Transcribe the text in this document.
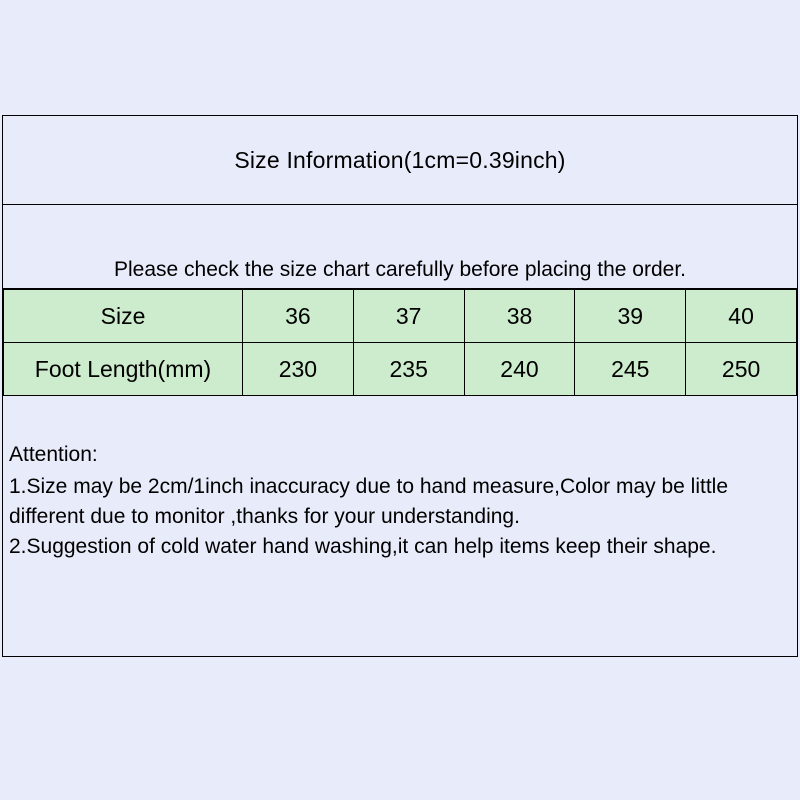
Size Information(1cm=0.39inch)
Please check the size chart carefully before placing the order.
Size	36	37	38	39	40
Foot Length(mm)	230	235	240	245	250
Attention:
1.Size may be 2cm/1inch inaccuracy due to hand measure,Color may be little different due to monitor ,thanks for your understanding.
2.Suggestion of cold water hand washing,it can help items keep their shape.
